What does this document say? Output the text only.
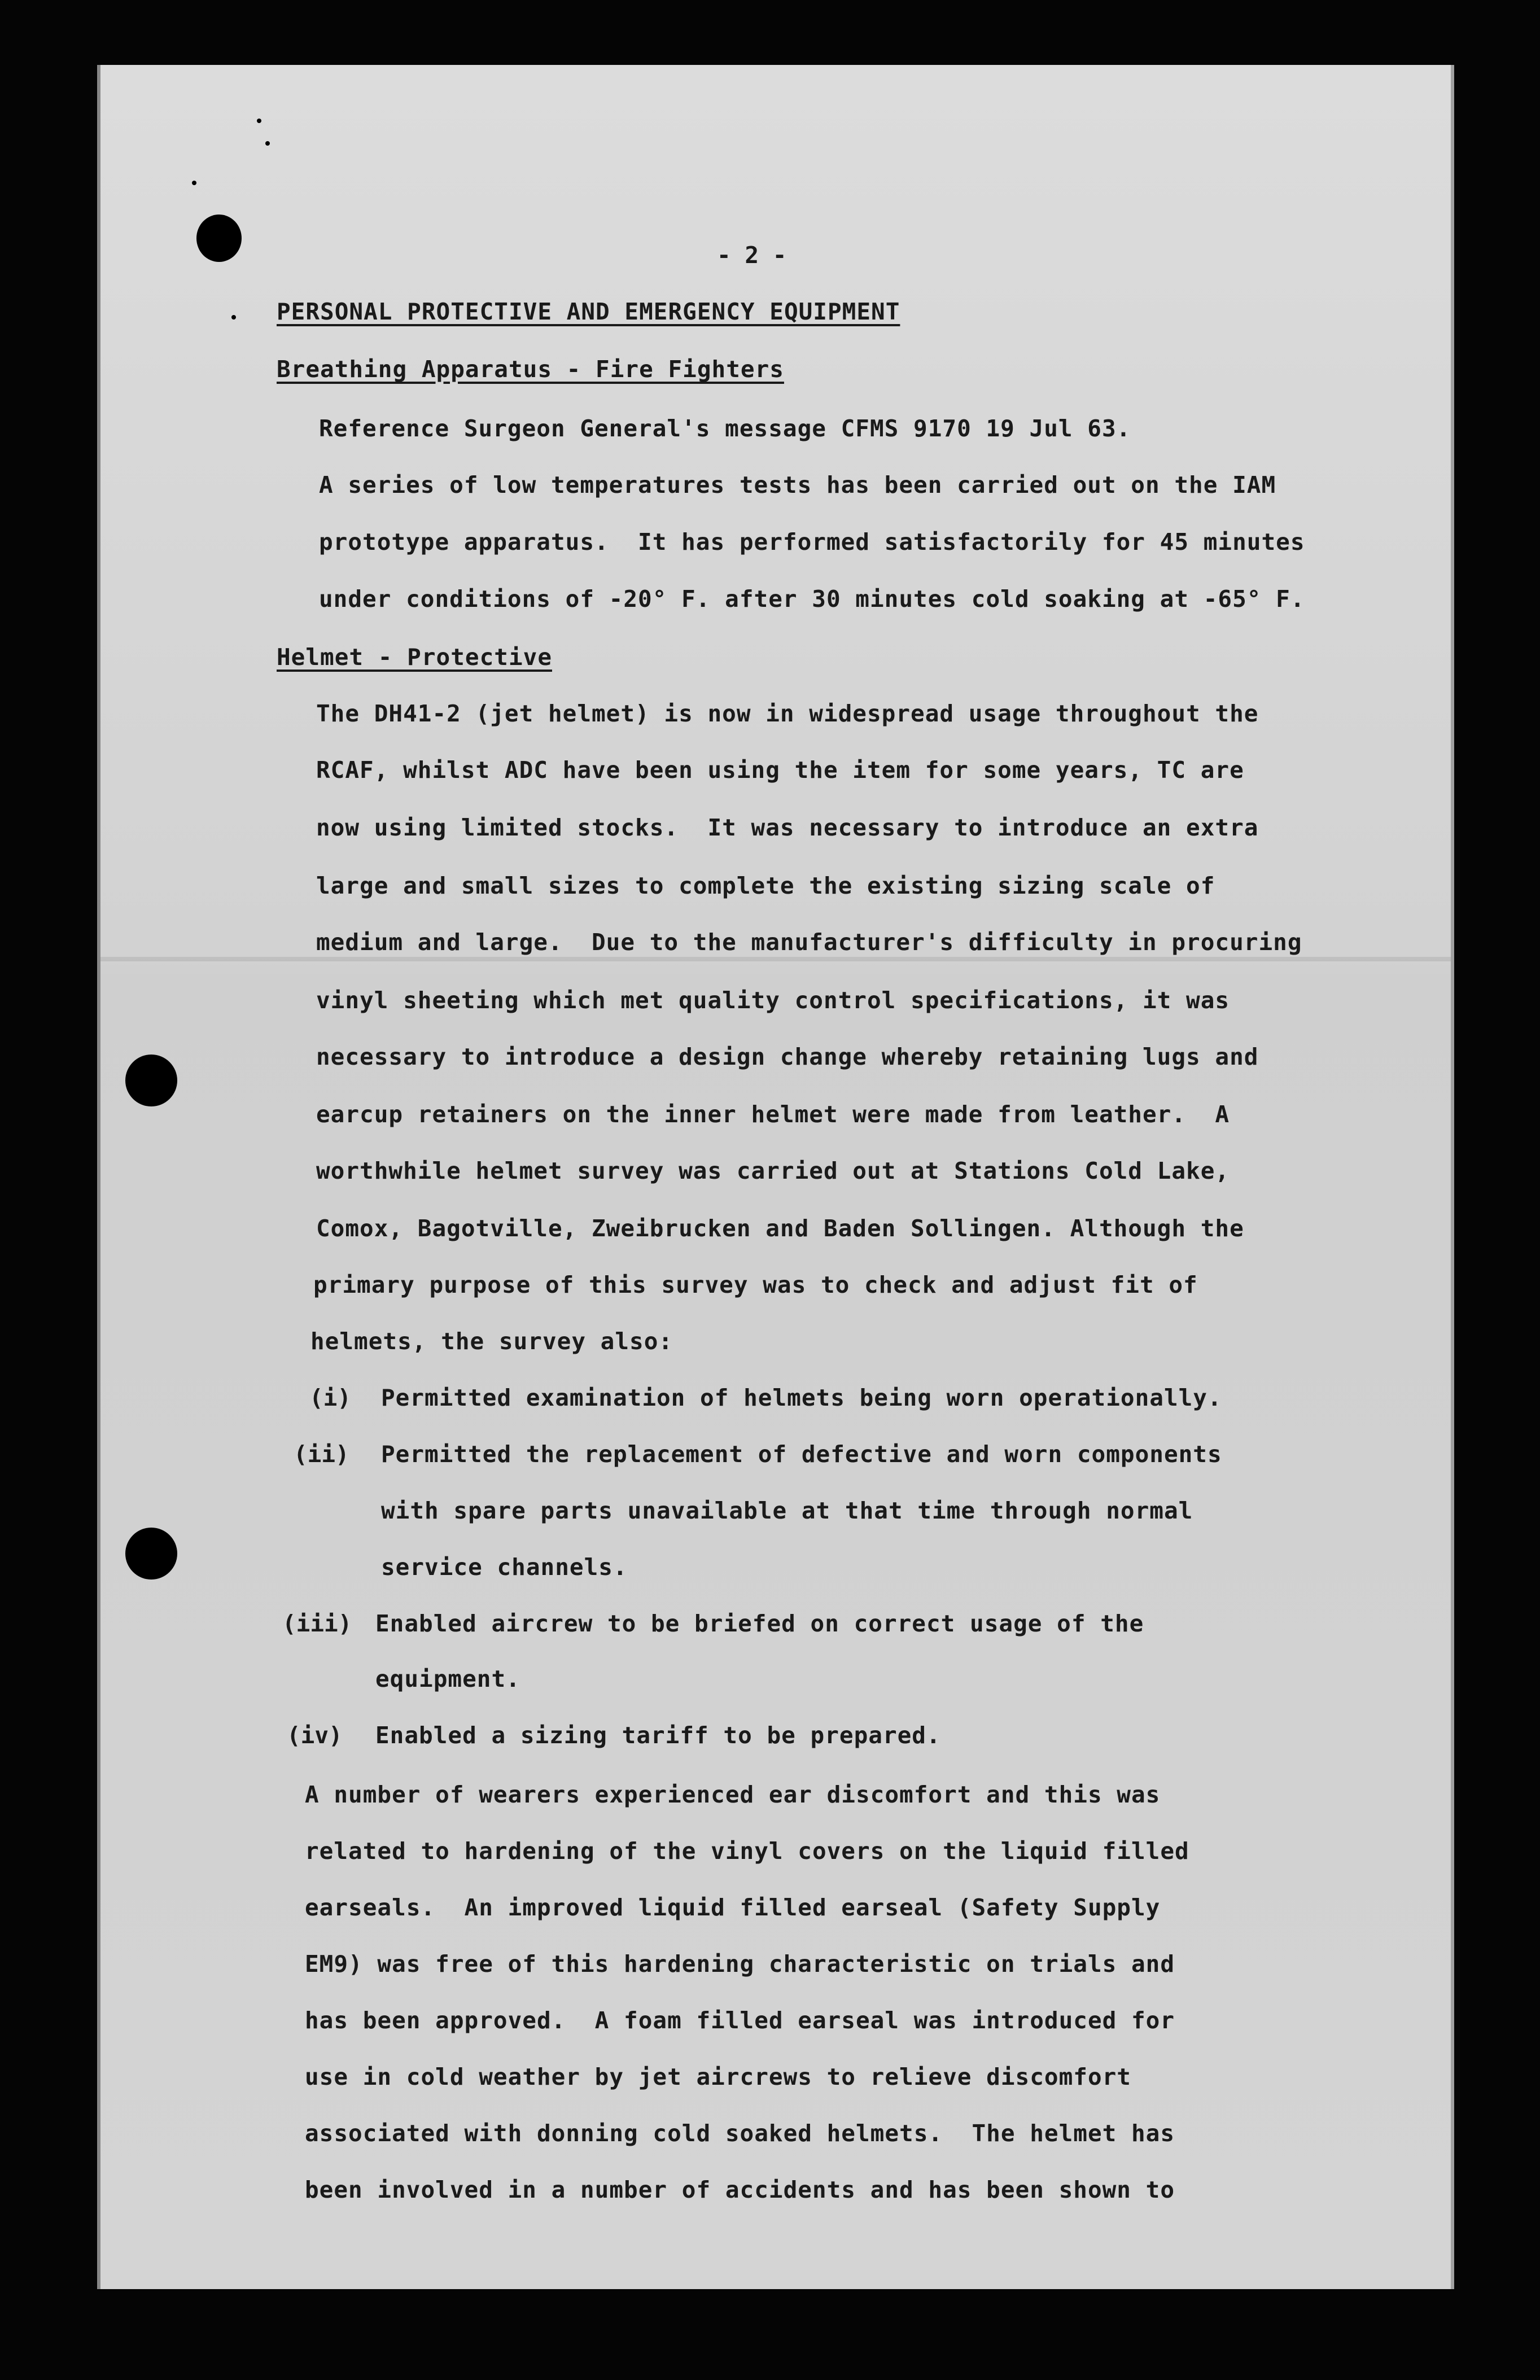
- 2 -
PERSONAL PROTECTIVE AND EMERGENCY EQUIPMENT
Breathing Apparatus - Fire Fighters
Reference Surgeon General's message CFMS 9170 19 Jul 63.
A series of low temperatures tests has been carried out on the IAM
prototype apparatus.  It has performed satisfactorily for 45 minutes
under conditions of -20° F. after 30 minutes cold soaking at -65° F.
Helmet - Protective
The DH41-2 (jet helmet) is now in widespread usage throughout the
RCAF, whilst ADC have been using the item for some years, TC are
now using limited stocks.  It was necessary to introduce an extra
large and small sizes to complete the existing sizing scale of
medium and large.  Due to the manufacturer's difficulty in procuring
vinyl sheeting which met quality control specifications, it was
necessary to introduce a design change whereby retaining lugs and
earcup retainers on the inner helmet were made from leather.  A
worthwhile helmet survey was carried out at Stations Cold Lake,
Comox, Bagotville, Zweibrucken and Baden Sollingen. Although the
primary purpose of this survey was to check and adjust fit of
helmets, the survey also:
(i) Permitted examination of helmets being worn operationally.
(ii) Permitted the replacement of defective and worn components
with spare parts unavailable at that time through normal
service channels.
(iii) Enabled aircrew to be briefed on correct usage of the
equipment.
(iv) Enabled a sizing tariff to be prepared.
A number of wearers experienced ear discomfort and this was
related to hardening of the vinyl covers on the liquid filled
earseals.  An improved liquid filled earseal (Safety Supply
EM9) was free of this hardening characteristic on trials and
has been approved.  A foam filled earseal was introduced for
use in cold weather by jet aircrews to relieve discomfort
associated with donning cold soaked helmets.  The helmet has
been involved in a number of accidents and has been shown to
